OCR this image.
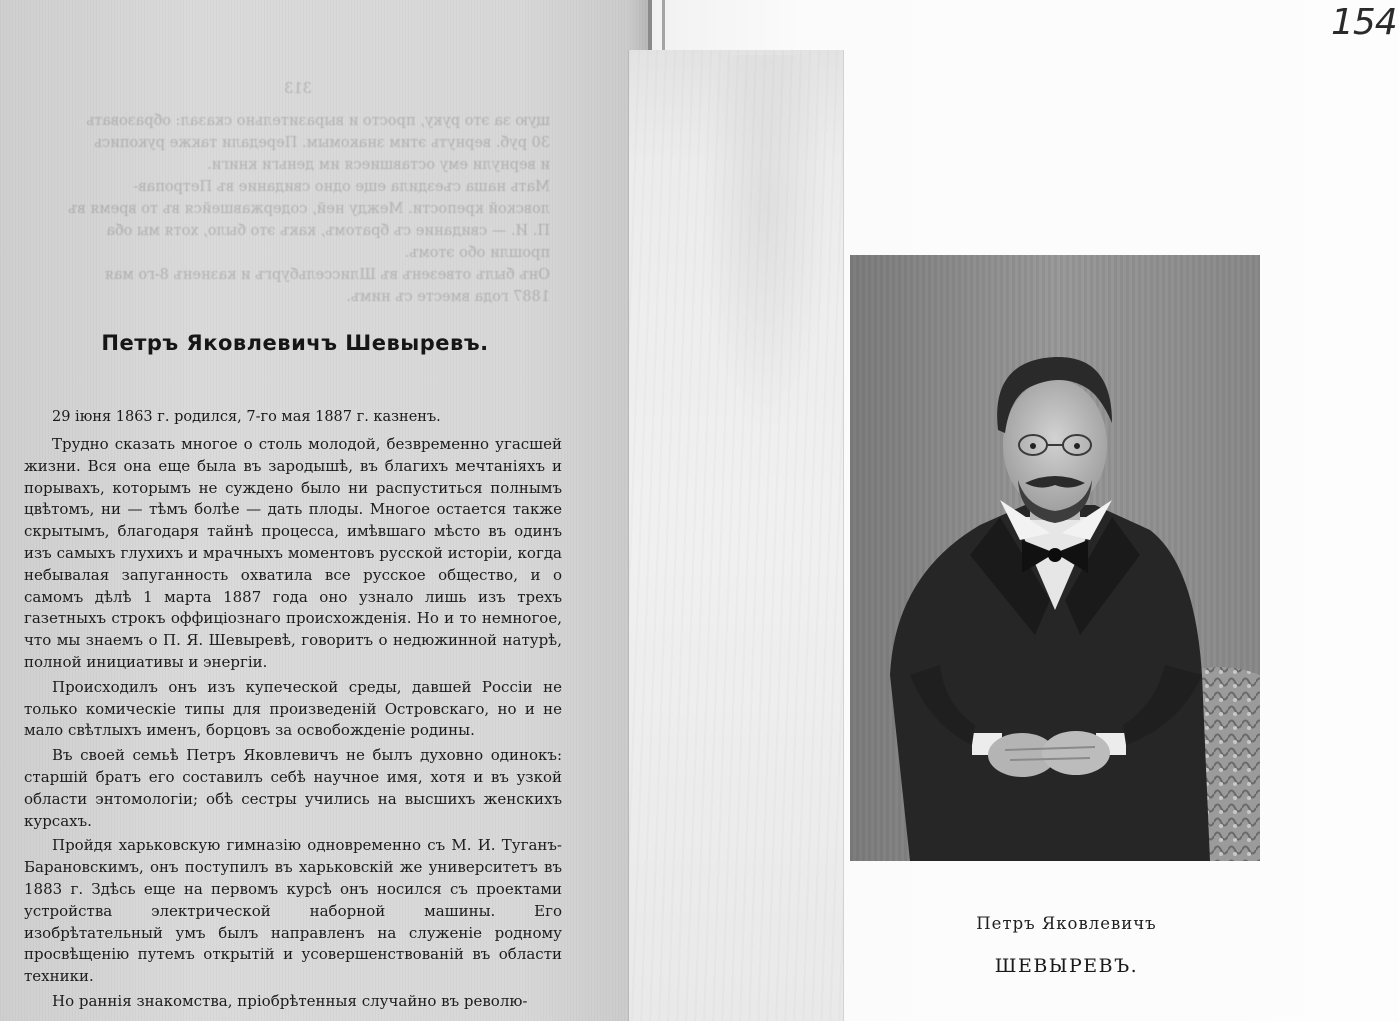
313

щую за это руку, просто и выразительно сказал: образовать

30 руб. вернуть этим знакомым. Передали также рукопись

и вернули ему оставшиеся им деньги книги.

Мать наша съездила еще одно свидание въ Петропав-

ловской крепости. Между ней, содержавшейся въ то время въ

П. И. — свидание съ братомъ, какъ это было, хотя мы оба

прошли обо этомъ.

Онъ былъ отвезенъ въ Шлиссельбургъ и казненъ 8-го мая

1887 года вместе съ нимъ.

Петръ Яковлевичъ Шевыревъ.
29 іюня 1863 г. родился, 7-го мая 1887 г. казненъ.

Трудно сказать многое о столь молодой, безвременно угасшей жизни. Вся она еще была въ зародышѣ, въ благихъ мечтаніяхъ и порывахъ, которымъ не суждено было ни распуститься полнымъ цвѣтомъ, ни — тѣмъ болѣе — дать плоды. Многое остается также скрытымъ, благодаря тайнѣ процесса, имѣвшаго мѣсто въ одинъ изъ самыхъ глухихъ и мрачныхъ моментовъ русской исторіи, когда небывалая запуганность охватила все русское общество, и о самомъ дѣлѣ 1 марта 1887 года оно узнало лишь изъ трехъ газетныхъ строкъ оффиціознаго происхожденія. Но и то немногое, что мы знаемъ о П. Я. Шевыревѣ, говоритъ о недюжинной натурѣ, полной инициативы и энергіи.

Происходилъ онъ изъ купеческой среды, давшей Россіи не только комическіе типы для произведеній Островскаго, но и не мало свѣтлыхъ именъ, борцовъ за освобожденіе родины.

Въ своей семьѣ Петръ Яковлевичъ не былъ духовно одинокъ: старшій братъ его составилъ себѣ научное имя, хотя и въ узкой области энтомологіи; обѣ сестры учились на высшихъ женскихъ курсахъ.

Пройдя харьковскую гимназію одновременно съ М. И. Туганъ-Барановскимъ, онъ поступилъ въ харьковскій же университетъ въ 1883 г. Здѣсь еще на первомъ курсѣ онъ носился съ проектами устройства электрической наборной машины. Его изобрѣтательный умъ былъ направленъ на служеніе родному просвѣщенію путемъ открытій и усовершенствованій въ области техники.

Но раннія знакомства, пріобрѣтенныя случайно въ револю-

154
Петръ Яковлевичъ
ШЕВЫРЕВЪ.
